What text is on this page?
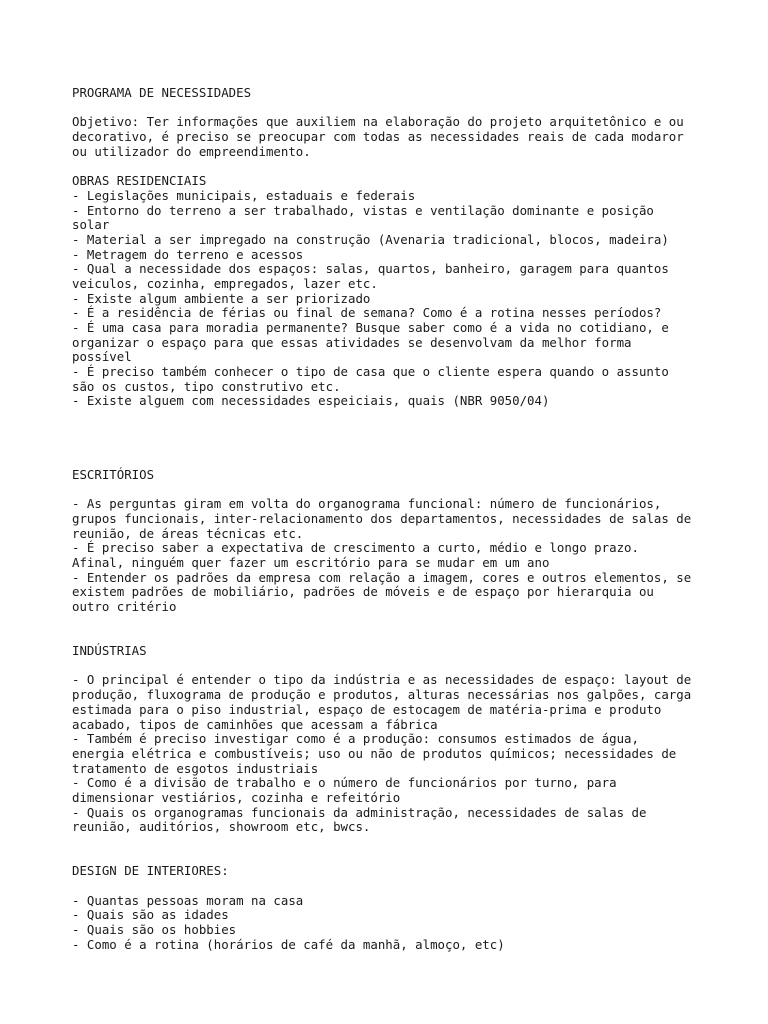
PROGRAMA DE NECESSIDADES
Objetivo: Ter informações que auxiliem na elaboração do projeto arquitetônico e ou
decorativo, é preciso se preocupar com todas as necessidades reais de cada modaror
ou utilizador do empreendimento.
OBRAS RESIDENCIAIS
- Legislações municipais, estaduais e federais
- Entorno do terreno a ser trabalhado, vistas e ventilação dominante e posição
solar
- Material a ser impregado na construção (Avenaria tradicional, blocos, madeira)
- Metragem do terreno e acessos
- Qual a necessidade dos espaços: salas, quartos, banheiro, garagem para quantos
veiculos, cozinha, empregados, lazer etc.
- Existe algum ambiente a ser priorizado
- É a residência de férias ou final de semana? Como é a rotina nesses períodos?
- É uma casa para moradia permanente? Busque saber como é a vida no cotidiano, e
organizar o espaço para que essas atividades se desenvolvam da melhor forma
possível
- É preciso também conhecer o tipo de casa que o cliente espera quando o assunto
são os custos, tipo construtivo etc.
- Existe alguem com necessidades espeiciais, quais (NBR 9050/04)
ESCRITÓRIOS
- As perguntas giram em volta do organograma funcional: número de funcionários,
grupos funcionais, inter-relacionamento dos departamentos, necessidades de salas de
reunião, de áreas técnicas etc.
- É preciso saber a expectativa de crescimento a curto, médio e longo prazo.
Afinal, ninguém quer fazer um escritório para se mudar em um ano
- Entender os padrões da empresa com relação a imagem, cores e outros elementos, se
existem padrões de mobiliário, padrões de móveis e de espaço por hierarquia ou
outro critério
INDÚSTRIAS
- O principal é entender o tipo da indústria e as necessidades de espaço: layout de
produção, fluxograma de produção e produtos, alturas necessárias nos galpões, carga
estimada para o piso industrial, espaço de estocagem de matéria-prima e produto
acabado, tipos de caminhões que acessam a fábrica
- Também é preciso investigar como é a produção: consumos estimados de água,
energia elétrica e combustíveis; uso ou não de produtos químicos; necessidades de
tratamento de esgotos industriais
- Como é a divisão de trabalho e o número de funcionários por turno, para
dimensionar vestiários, cozinha e refeitório
- Quais os organogramas funcionais da administração, necessidades de salas de
reunião, auditórios, showroom etc, bwcs.
DESIGN DE INTERIORES:
- Quantas pessoas moram na casa
- Quais são as idades
- Quais são os hobbies
- Como é a rotina (horários de café da manhã, almoço, etc)
